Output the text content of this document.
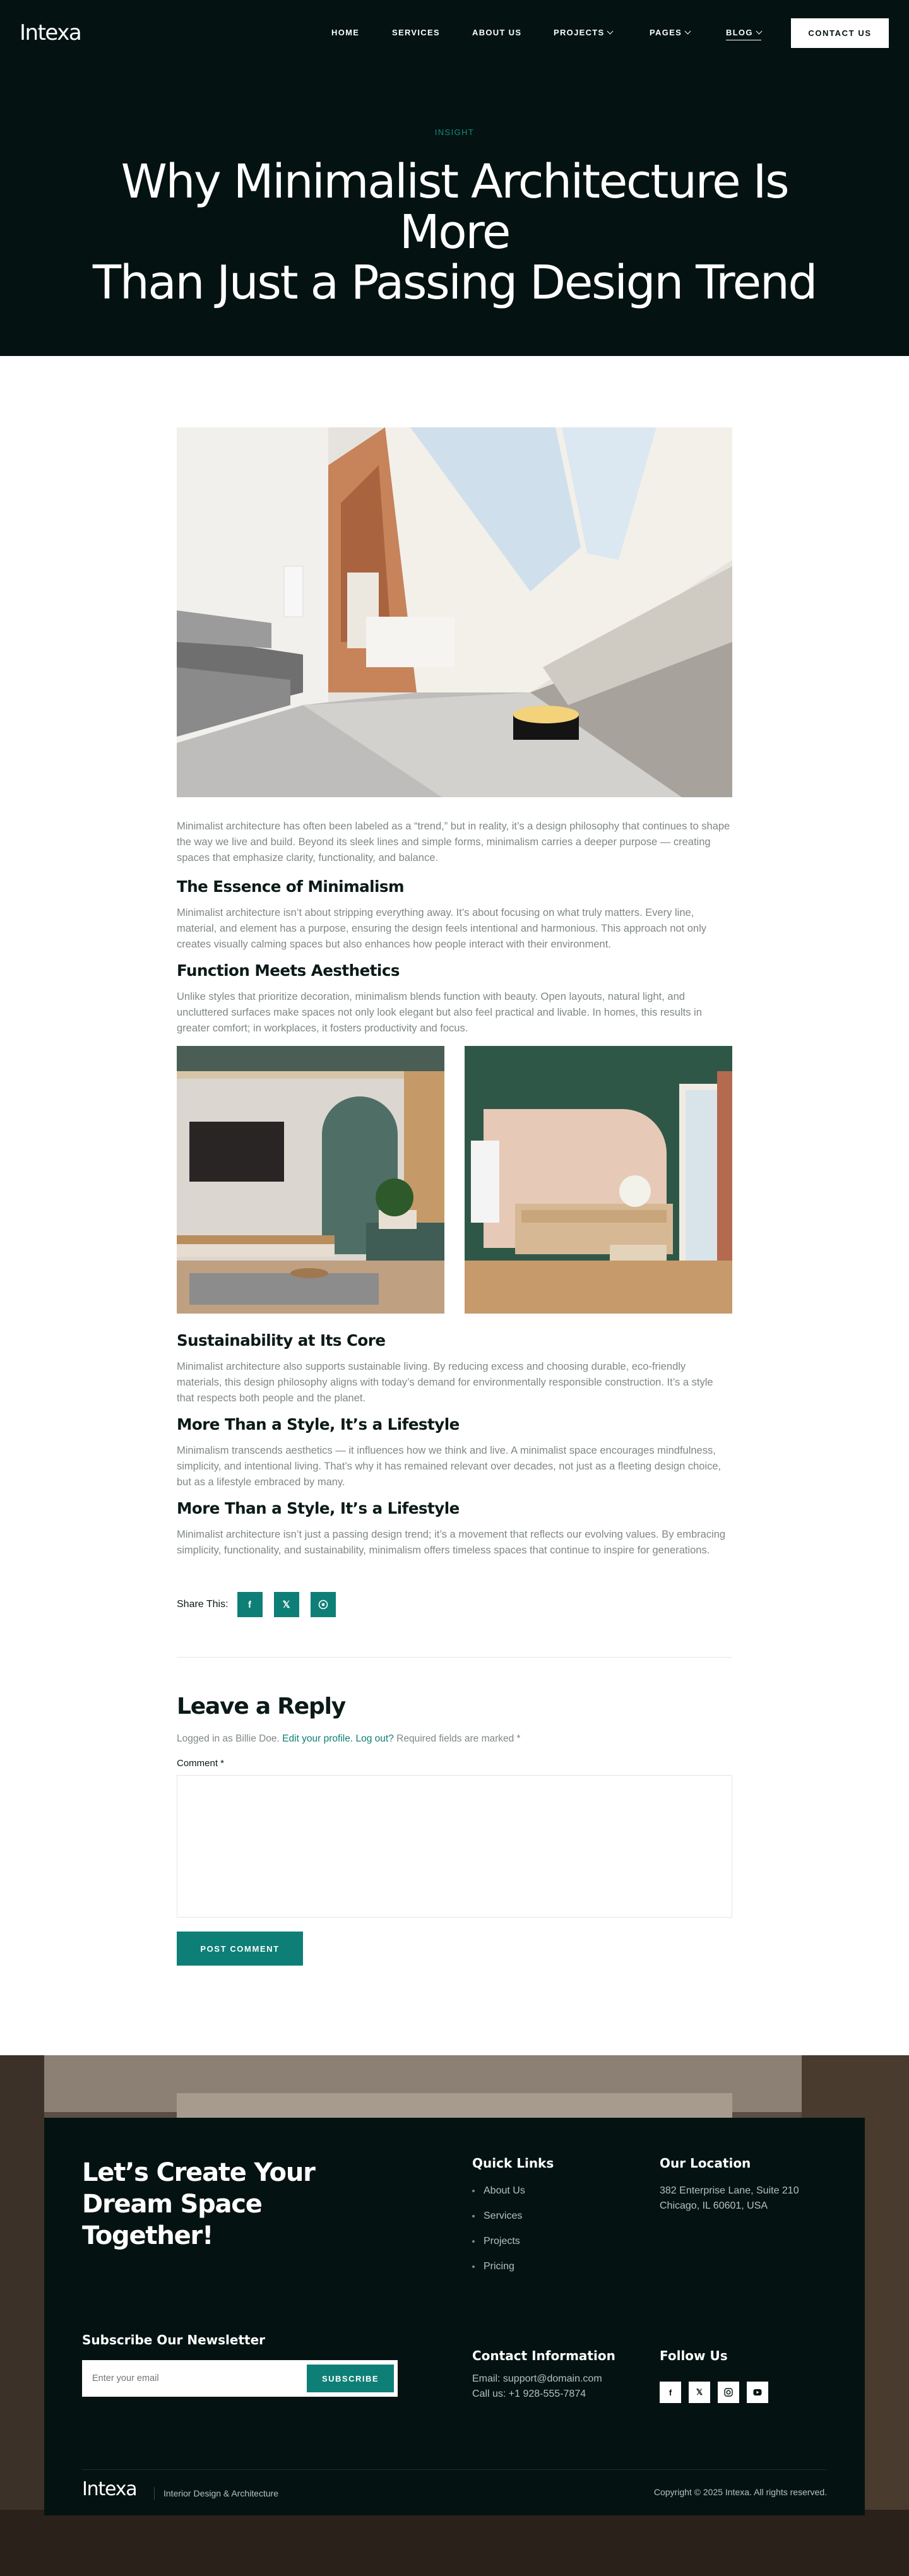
Intexa	HOME	SERVICES	ABOUT US	PROJECTS	PAGES	BLOG	CONTACT US
INSIGHT
Why Minimalist Architecture Is More
Than Just a Passing Design Trend

Minimalist architecture has often been labeled as a “trend,” but in reality, it’s a design philosophy that continues to shape the way we live and build. Beyond its sleek lines and simple forms, minimalism carries a deeper purpose — creating spaces that emphasize clarity, functionality, and balance.

The Essence of Minimalism

Minimalist architecture isn’t about stripping everything away. It’s about focusing on what truly matters. Every line, material, and element has a purpose, ensuring the design feels intentional and harmonious. This approach not only creates visually calming spaces but also enhances how people interact with their environment.

Function Meets Aesthetics

Unlike styles that prioritize decoration, minimalism blends function with beauty. Open layouts, natural light, and uncluttered surfaces make spaces not only look elegant but also feel practical and livable. In homes, this results in greater comfort; in workplaces, it fosters productivity and focus.

Sustainability at Its Core

Minimalist architecture also supports sustainable living. By reducing excess and choosing durable, eco-friendly materials, this design philosophy aligns with today’s demand for environmentally responsible construction. It’s a style that respects both people and the planet.

More Than a Style, It’s a Lifestyle

Minimalism transcends aesthetics — it influences how we think and live. A minimalist space encourages mindfulness, simplicity, and intentional living. That’s why it has remained relevant over decades, not just as a fleeting design choice, but as a lifestyle embraced by many.

More Than a Style, It’s a Lifestyle

Minimalist architecture isn’t just a passing design trend; it’s a movement that reflects our evolving values. By embracing simplicity, functionality, and sustainability, minimalism offers timeless spaces that continue to inspire for generations.

Share This:	f	𝕏
Leave a Reply

Logged in as Billie Doe. Edit your profile. Log out? Required fields are marked *

Comment *
POST COMMENT
Let’s Create Your
Dream Space Together!
Quick Links
About Us
Services
Projects
Pricing
Our Location

382 Enterprise Lane, Suite 210
Chicago, IL 60601, USA

Subscribe Our Newsletter
Enter your email
SUBSCRIBE
Contact Information

Email: support@domain.com
Call us: +1 928-555-7874

Follow Us
f	𝕏
Intexa	Interior Design & Architecture	Copyright © 2025 Intexa. All rights reserved.
